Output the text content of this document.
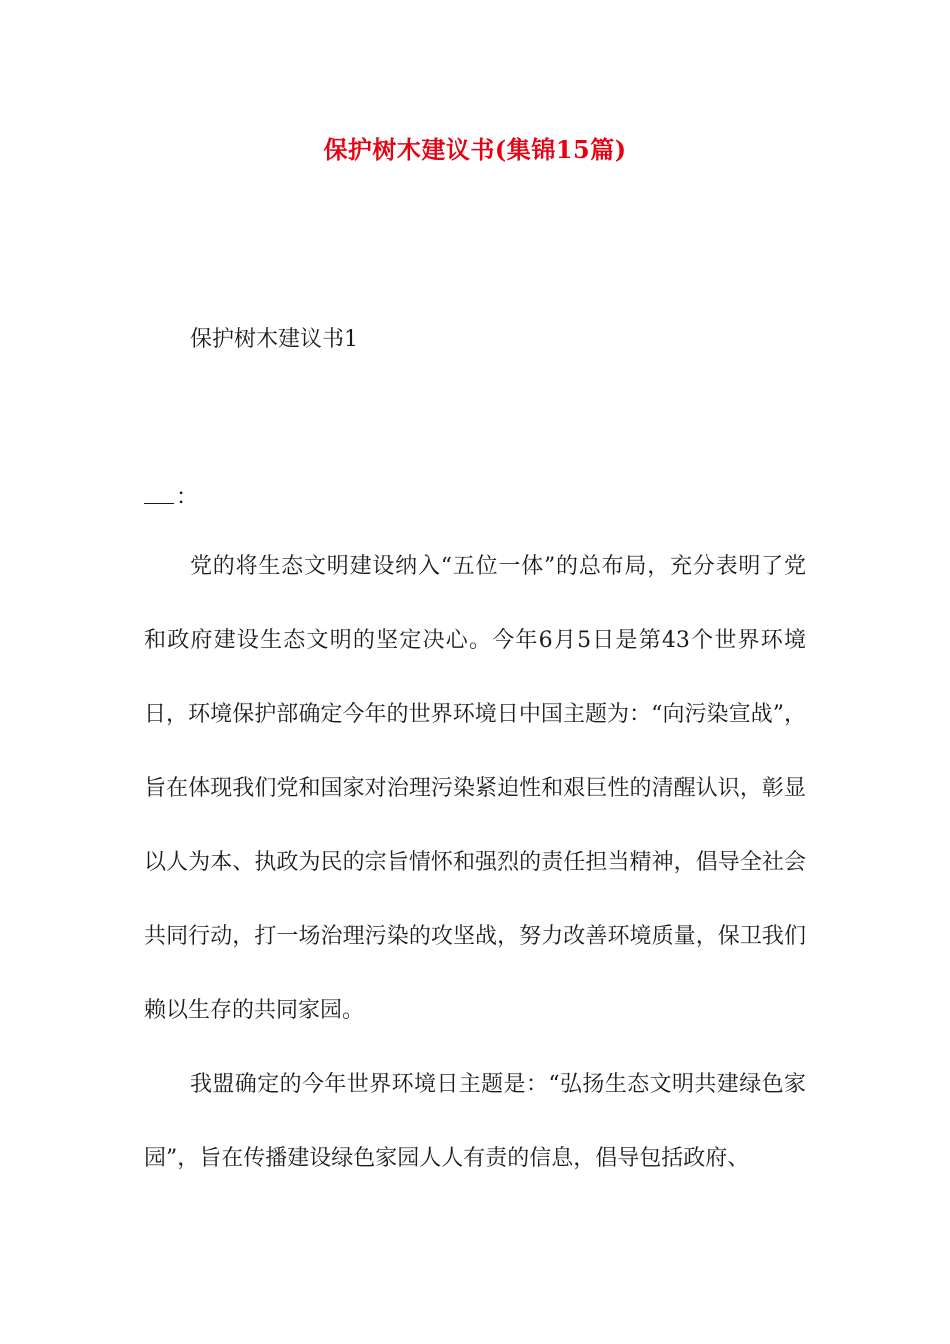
保护树木建议书(集锦15篇)

保护树木建议书1

：

党的将生态文明建设纳入“五位一体”的总布局，充分表明了党和政府建设生态文明的坚定决心。今年6月5日是第43个世界环境日，环境保护部确定今年的世界环境日中国主题为：“向污染宣战”，旨在体现我们党和国家对治理污染紧迫性和艰巨性的清醒认识，彰显以人为本、执政为民的宗旨情怀和强烈的责任担当精神，倡导全社会共同行动，打一场治理污染的攻坚战，努力改善环境质量，保卫我们赖以生存的共同家园。

我盟确定的今年世界环境日主题是：“弘扬生态文明共建绿色家园”，旨在传播建设绿色家园人人有责的信息，倡导包括政府、
